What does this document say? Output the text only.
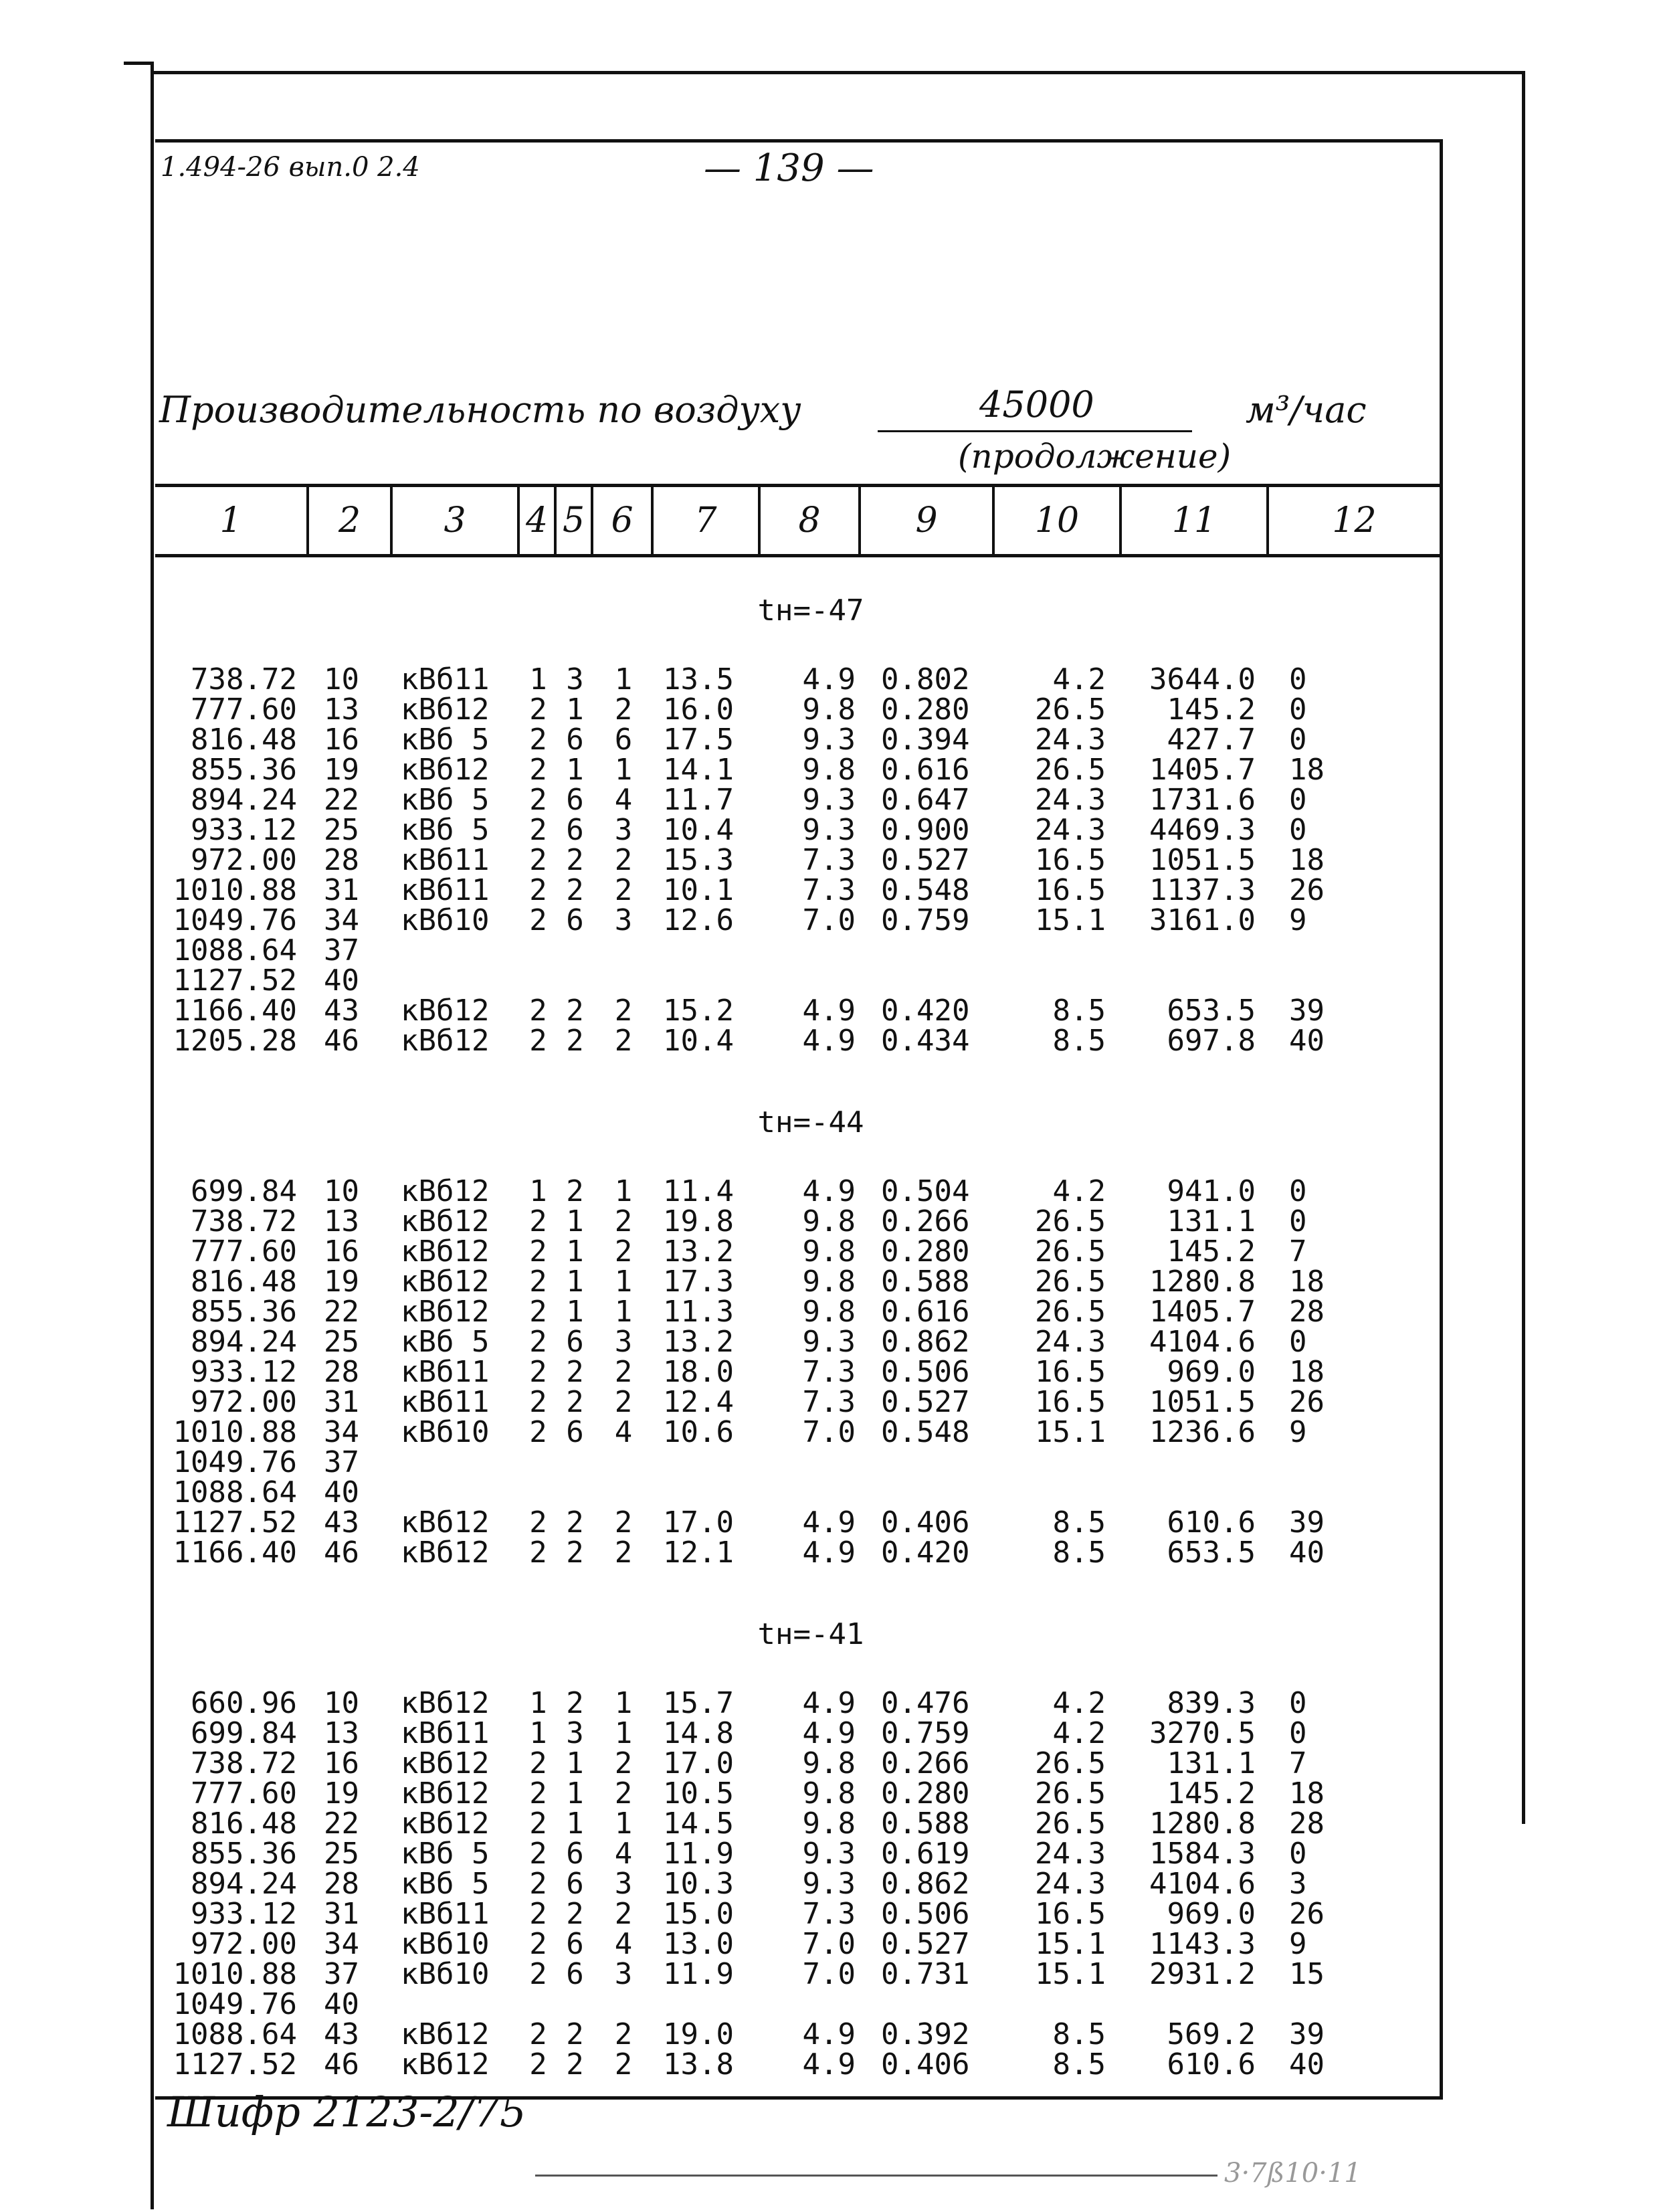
1.494-26 вып.0 2.4	— 139 —
Производительность по воздуху	45000	м³/час
(продолжение)
1	2	3	4 5 6	7	8	9	10	11	12
tн=-47
738.72 10	кВб11	1 3	1	13.5	4.9 0.802	4.2	3644.0	0
777.60 13	кВб12	2 1	2	16.0	9.8 0.280	26.5	145.2	0
816.48 16	кВб 5	2 6	6	17.5	9.3 0.394	24.3	427.7	0
855.36 19	кВб12	2 1	1	14.1	9.8 0.616	26.5	1405.7	18
894.24 22	кВб 5	2 6	4	11.7	9.3 0.647	24.3	1731.6	0
933.12 25	кВб 5	2 6	3	10.4	9.3 0.900	24.3	4469.3	0
972.00 28	кВб11	2 2	2	15.3	7.3 0.527	16.5	1051.5	18
1010.88 31	кВб11	2 2	2	10.1	7.3 0.548	16.5	1137.3	26
1049.76 34	кВб10	2 6	3	12.6	7.0 0.759	15.1	3161.0	9
1088.64 37
1127.52 40
1166.40 43	кВб12	2 2	2	15.2	4.9 0.420	8.5	653.5	39
1205.28 46	кВб12	2 2	2	10.4	4.9 0.434	8.5	697.8	40
tн=-44
699.84 10	кВб12	1 2	1	11.4	4.9 0.504	4.2	941.0	0
738.72 13	кВб12	2 1	2	19.8	9.8 0.266	26.5	131.1	0
777.60 16	кВб12	2 1	2	13.2	9.8 0.280	26.5	145.2	7
816.48 19	кВб12	2 1	1	17.3	9.8 0.588	26.5	1280.8	18
855.36 22	кВб12	2 1	1	11.3	9.8 0.616	26.5	1405.7	28
894.24 25	кВб 5	2 6	3	13.2	9.3 0.862	24.3	4104.6	0
933.12 28	кВб11	2 2	2	18.0	7.3 0.506	16.5	969.0	18
972.00 31	кВб11	2 2	2	12.4	7.3 0.527	16.5	1051.5	26
1010.88 34	кВб10	2 6	4	10.6	7.0 0.548	15.1	1236.6	9
1049.76 37
1088.64 40
1127.52 43	кВб12	2 2	2	17.0	4.9 0.406	8.5	610.6	39
1166.40 46	кВб12	2 2	2	12.1	4.9 0.420	8.5	653.5	40
tн=-41
660.96 10	кВб12	1 2	1	15.7	4.9 0.476	4.2	839.3	0
699.84 13	кВб11	1 3	1	14.8	4.9 0.759	4.2	3270.5	0
738.72 16	кВб12	2 1	2	17.0	9.8 0.266	26.5	131.1	7
777.60 19	кВб12	2 1	2	10.5	9.8 0.280	26.5	145.2	18
816.48 22	кВб12	2 1	1	14.5	9.8 0.588	26.5	1280.8	28
855.36 25	кВб 5	2 6	4	11.9	9.3 0.619	24.3	1584.3	0
894.24 28	кВб 5	2 6	3	10.3	9.3 0.862	24.3	4104.6	3
933.12 31	кВб11	2 2	2	15.0	7.3 0.506	16.5	969.0	26
972.00 34	кВб10	2 6	4	13.0	7.0 0.527	15.1	1143.3	9
1010.88 37	кВб10	2 6	3	11.9	7.0 0.731	15.1	2931.2	15
1049.76 40
1088.64 43	кВб12	2 2	2	19.0	4.9 0.392	8.5	569.2	39
1127.52 46	кВб12	2 2	2	13.8	4.9 0.406	8.5	610.6	40
Шифр 2123-2/75
3·7ß10·11
